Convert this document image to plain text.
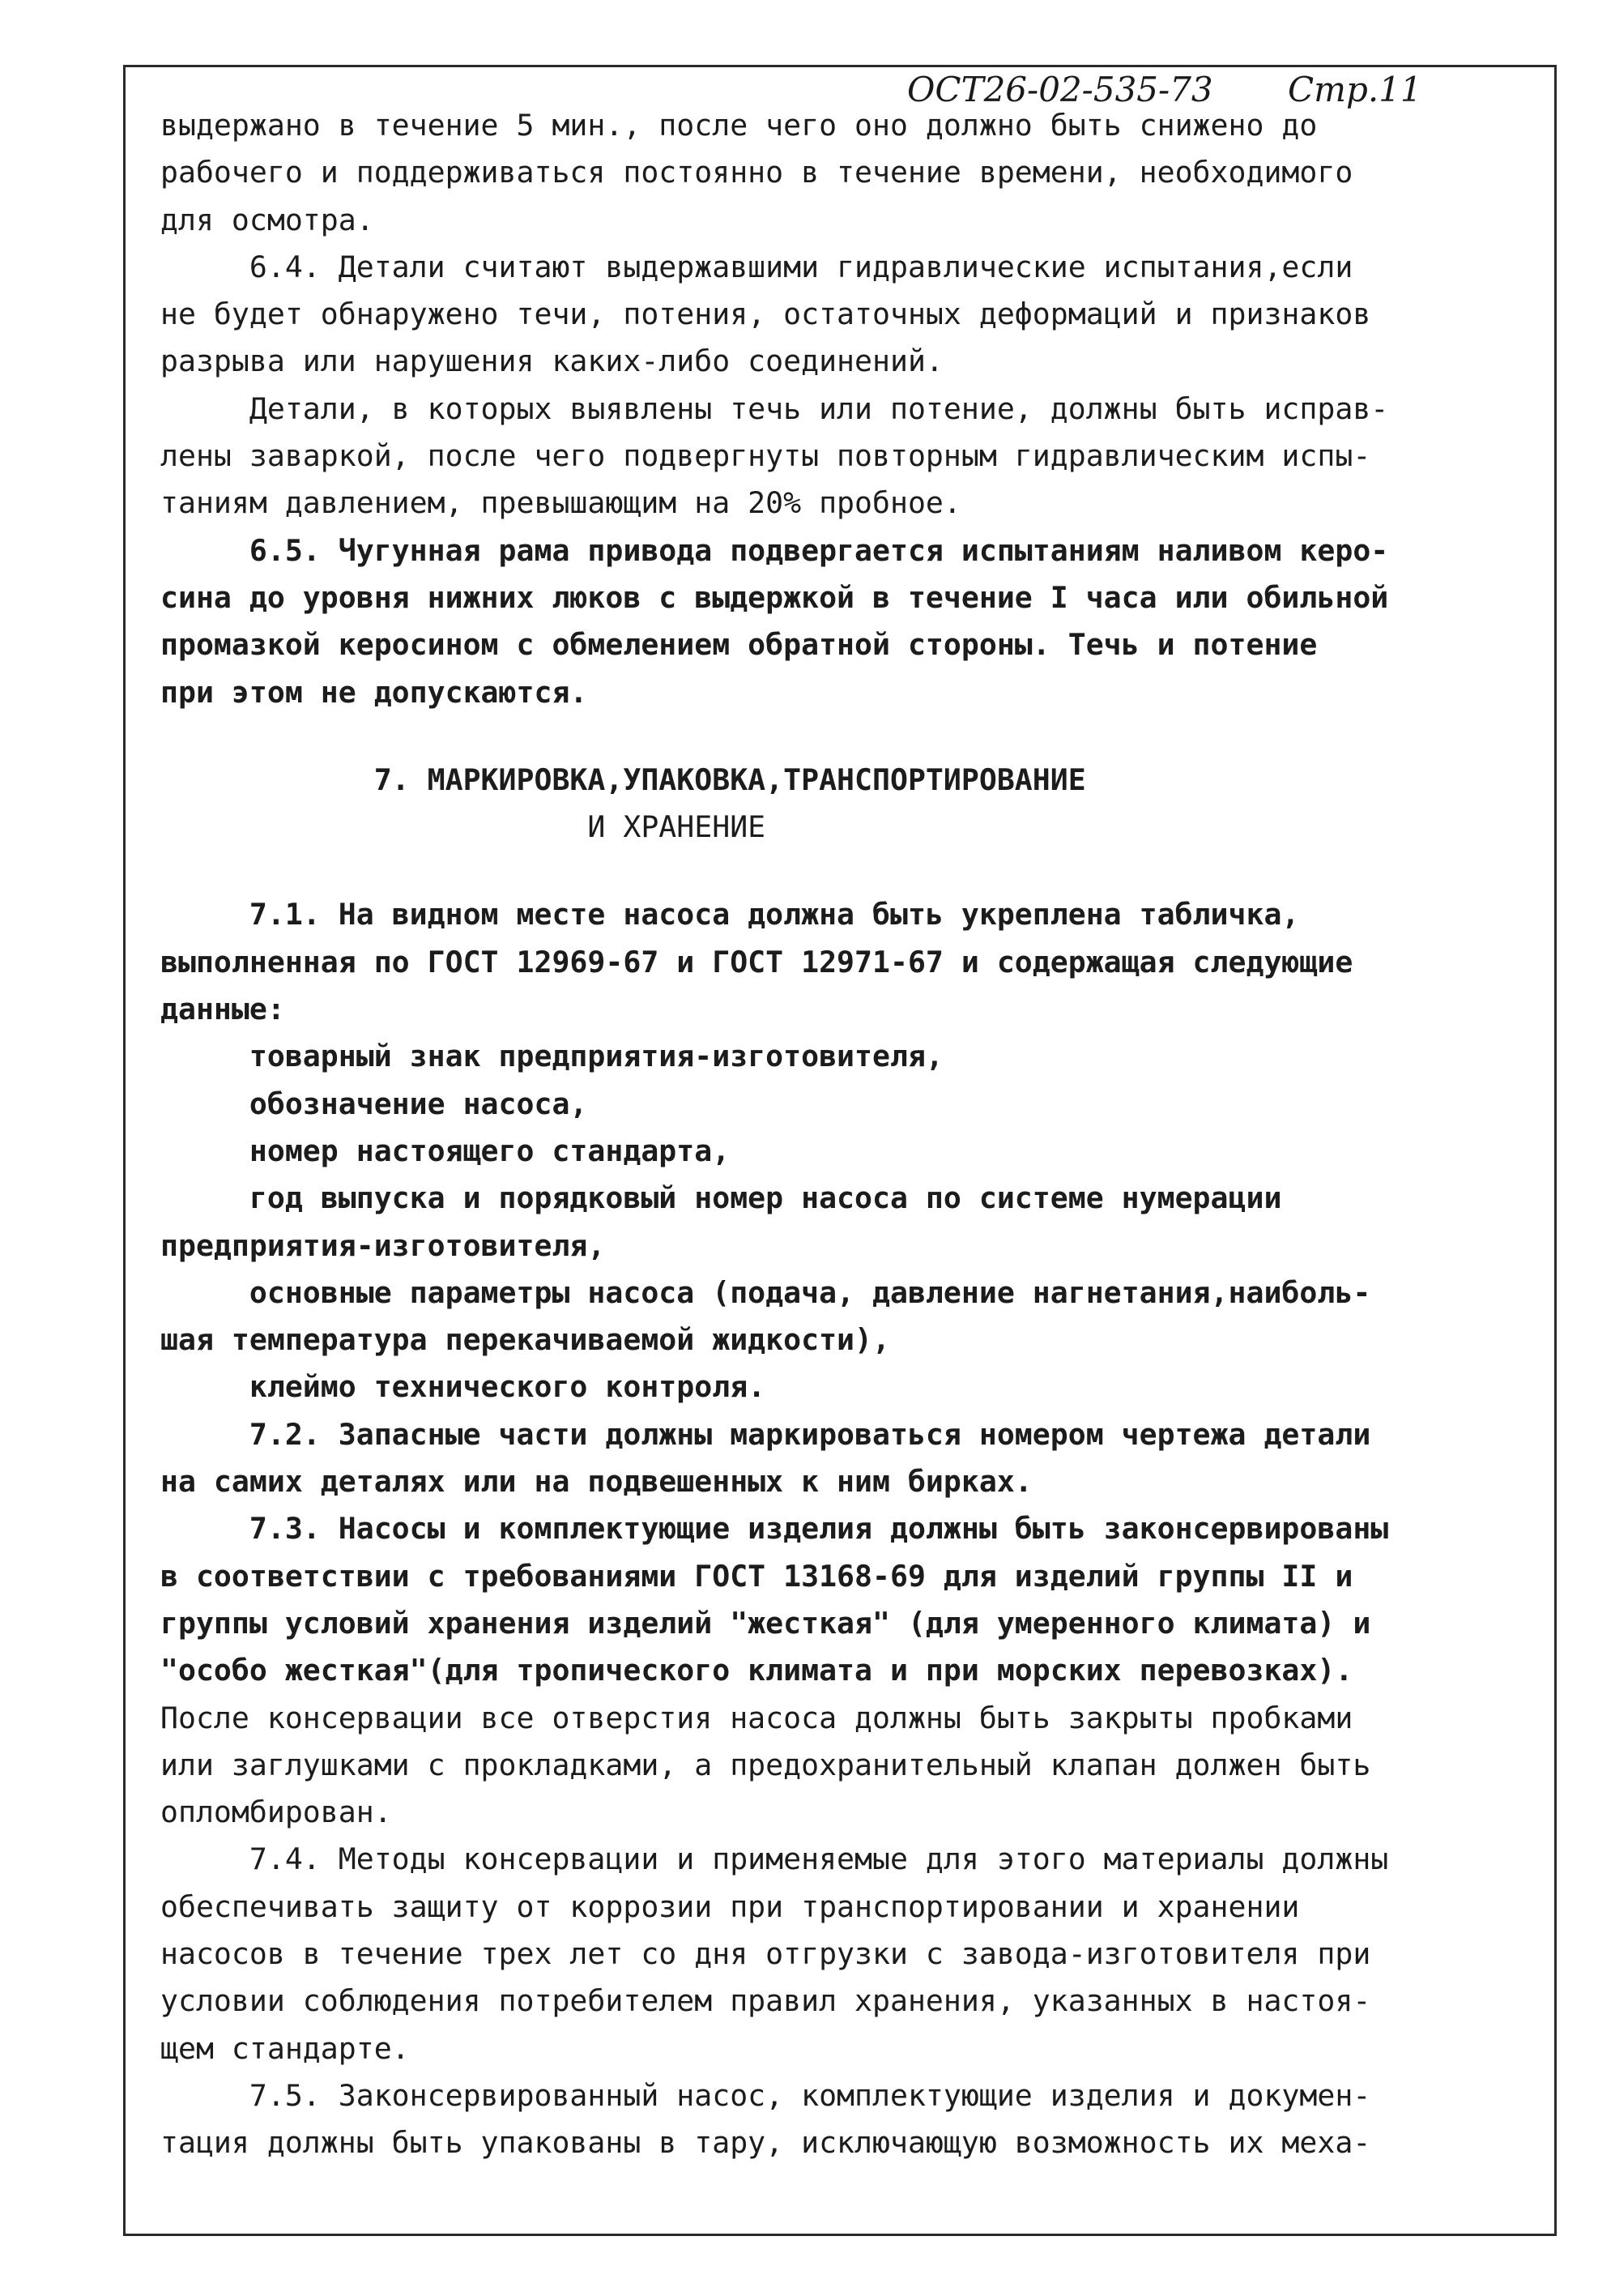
ОСТ26-02-535-73 Стр.11
выдержано в течение 5 мин., после чего оно должно быть снижено до
рабочего и поддерживаться постоянно в течение времени, необходимого
для осмотра.
6.4. Детали считают выдержавшими гидравлические испытания,если
не будет обнаружено течи, потения, остаточных деформаций и признаков
разрыва или нарушения каких-либо соединений.
Детали, в которых выявлены течь или потение, должны быть исправ-
лены заваркой, после чего подвергнуты повторным гидравлическим испы-
таниям давлением, превышающим на 20% пробное.
6.5. Чугунная рама привода подвергается испытаниям наливом керо-
сина до уровня нижних люков с выдержкой в течение I часа или обильной
промазкой керосином с обмелением обратной стороны. Течь и потение
при этом не допускаются.
7. МАРКИРОВКА,УПАКОВКА,ТРАНСПОРТИРОВАНИЕ
И ХРАНЕНИЕ
7.1. На видном месте насоса должна быть укреплена табличка,
выполненная по ГОСТ 12969-67 и ГОСТ 12971-67 и содержащая следующие
данные:
товарный знак предприятия-изготовителя,
обозначение насоса,
номер настоящего стандарта,
год выпуска и порядковый номер насоса по системе нумерации
предприятия-изготовителя,
основные параметры насоса (подача, давление нагнетания,наиболь-
шая температура перекачиваемой жидкости),
клеймо технического контроля.
7.2. Запасные части должны маркироваться номером чертежа детали
на самих деталях или на подвешенных к ним бирках.
7.3. Насосы и комплектующие изделия должны быть законсервированы
в соответствии с требованиями ГОСТ 13168-69 для изделий группы II и
группы условий хранения изделий "жесткая" (для умеренного климата) и
"особо жесткая"(для тропического климата и при морских перевозках).
После консервации все отверстия насоса должны быть закрыты пробками
или заглушками с прокладками, а предохранительный клапан должен быть
опломбирован.
7.4. Методы консервации и применяемые для этого материалы должны
обеспечивать защиту от коррозии при транспортировании и хранении
насосов в течение трех лет со дня отгрузки с завода-изготовителя при
условии соблюдения потребителем правил хранения, указанных в настоя-
щем стандарте.
7.5. Законсервированный насос, комплектующие изделия и докумен-
тация должны быть упакованы в тару, исключающую возможность их меха-
